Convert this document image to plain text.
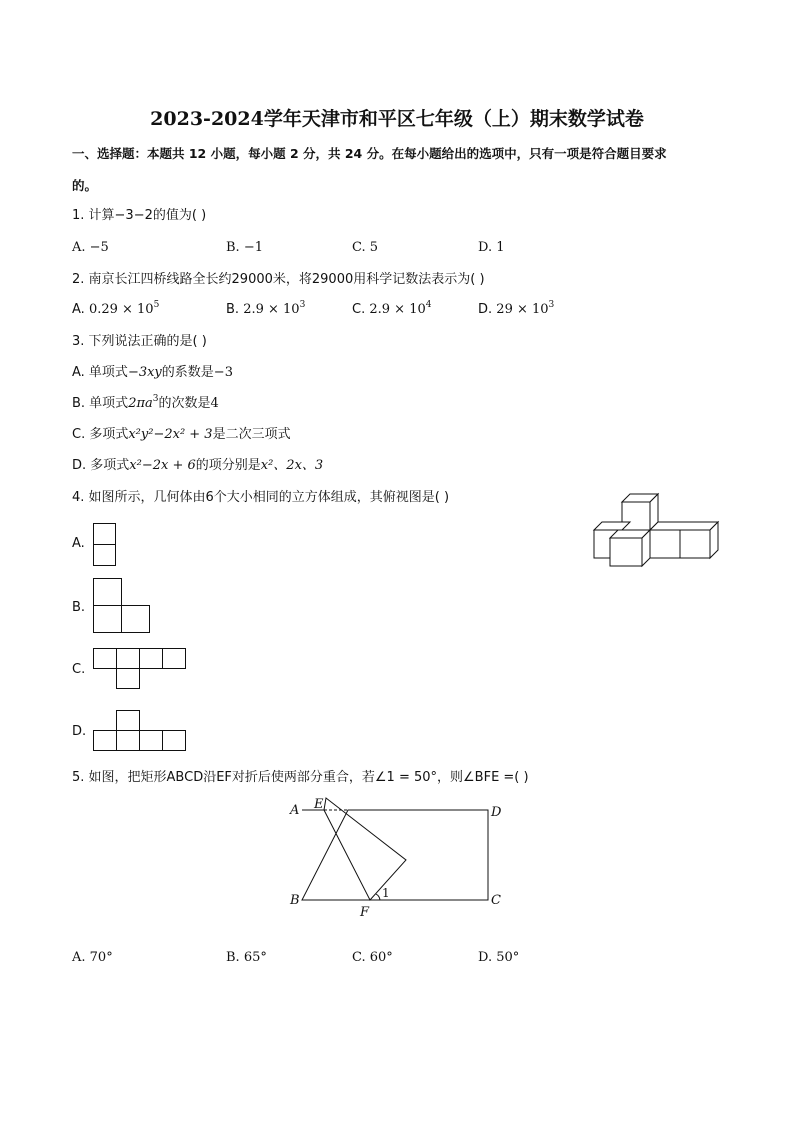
2023-2024学年天津市和平区七年级（上）期末数学试卷
一、选择题：本题共 12 小题，每小题 2 分，共 24 分。在每小题给出的选项中，只有一项是符合题目要求
的。
1. 计算−3−2的值为( )
A. −5	B. −1	C. 5	D. 1
2. 南京长江四桥线路全长约29000米，将29000用科学记数法表示为( )
A. $0.29 \times 10^5$	B. $2.9 \times 10^3$	C. $2.9 \times 10^4$	D. $29 \times 10^3$
3. 下列说法正确的是( )
A. 单项式−3xy的系数是−3
B. 单项式$2\pi a^3$的次数是4
C. 多项式x²y²−2x² + 3是二次三项式
D. 多项式x²−2x + 6的项分别是x²、2x、3
4. 如图所示，几何体由6个大小相同的立方体组成，其俯视图是( )
A.
B.
C.
D.
5. 如图，把矩形ABCD沿EF对折后使两部分重合，若∠1 = 50°，则∠BFE =( )
A E
D
B
F
C
1
A. 70°	B. 65°	C. 60°	D. 50°
